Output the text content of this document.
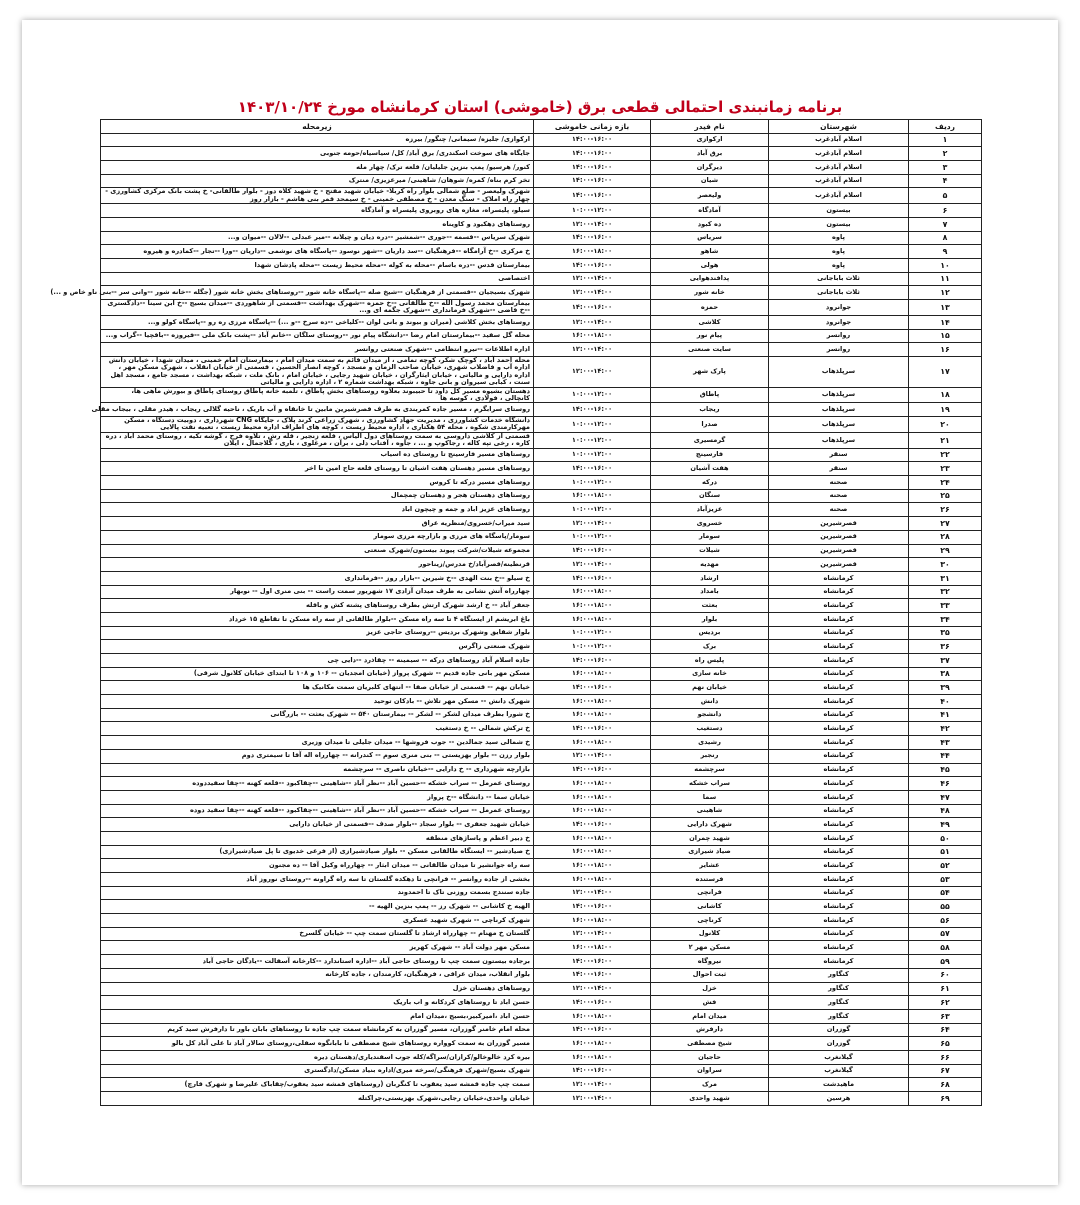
برنامه زمانبندی احتمالی قطعی برق (خاموشی) استان کرمانشاه مورخ ۱۴۰۳/۱۰/۲۴
ردیف	شهرستان	نام فیدر	بازه زمانی خاموشی	زیرمحله
۱	اسلام آبادغرب	ارکوازی	۱۴:۰۰-۱۶:۰۰	ارکوازی/ جلیزه/ سیمانی/ چنگور/ بیرزه
۲	اسلام آبادغرب	برق آباد	۱۴:۰۰-۱۶:۰۰	جایگاه های سوخت اسکندری/ برق آباد/ کل/ سیاسیاه/حومه جنوبی
۳	اسلام آبادغرب	دیرگران	۱۴:۰۰-۱۶:۰۰	کنور/ هرسیو/ پمپ بنزین جلیلیان/ قلعه ترک/ چهار مله
۴	اسلام آبادغرب	شیان	۱۴:۰۰-۱۶:۰۰	تخر کرم بناه/ کمره/ شوهان/ شاهینی/ میرعزیزی/ منترک
۵	اسلام آبادغرب	ولیعصر	۱۴:۰۰-۱۶:۰۰	شهرک ولیعصر - ضلع شمالی بلوار راه کربلا- خیابان شهید مفتح - خ شهید کلاه دوز - بلوار طالقانی- خ پشت بانک مرکزی کشاورزی - چهار راه املاک - سنگ معدن - خ مصطفی خمینی - خ سیمحد قمر بنی هاشم - بازار روز
۶	بیستون	آمادگاه	۱۰:۰۰-۱۲:۰۰	سیلو، پلیسراه، مغازه های روبروی پلیسراه و آمادگاه
۷	بیستون	ده کبود	۱۲:۰۰-۱۴:۰۰	روستاهای دهکبود و کاویناه
۸	پاوه	سریاس	۱۴:۰۰-۱۶:۰۰	شهرک سریاس --قسمه --جوری --شمشیر --دره دیان و چیلانه --میر عبدلی --لالان --میوان و...
۹	پاوه	شاهو	۱۶:۰۰-۱۸:۰۰	خ مرکزی --خ آرامگاه --فرهنگیان --سد داریان --شهر نوسود --پاسگاه های نوشمی --داریان --ورا --تجار --کمادره و هیروه
۱۰	پاوه	هولی	۱۴:۰۰-۱۶:۰۰	بیمارستان قدس --دره باسام --محله به کوله --محله محیط زیست --محله پادشان شهدا
۱۱	ثلاث باباجانی	پدافندهوایی	۱۲:۰۰-۱۴:۰۰	اختصاصی
۱۲	ثلاث باباجانی	خانه شور	۱۲:۰۰-۱۴:۰۰	شهرک بسیجیان --قسمتی از فرهنگیان --شیخ صله --پاسگاه خانه شور --روستاهای بخش خانه شور (جگله --خانه شور --وانی سر --بنی ناو خاص و ...)
۱۳	جوانرود	حمزه	۱۴:۰۰-۱۶:۰۰	بیمارستان محمد رسول الله --خ طالقانی --خ حمزه --شهرک بهداشت --قسمتی از شاهوردی --میدان بسیج --خ ابن سینا --دادگستری --خ قاضی --شهرک فرمانداری --شهرک جگمه ای و...
۱۴	جوانرود	کلاشی	۱۲:۰۰-۱۴:۰۰	روستاهای بخش کلاشی (میران و بیوند و بانی لوان --کلیاخی --ده سرخ --و ...) --پاسگاه مرزی ره رو --پاسگاه کولو و...
۱۵	روانسر	پیام نور	۱۶:۰۰-۱۸:۰۰	محله گل سفید --بیمارستان امام رضا --دانشگاه پیام نور --روستای سلگان --خانم آباد --پشت بانک ملی --فیروزه --باقچیا --گراب و...
۱۶	روانسر	سایت صنعتی	۱۲:۰۰-۱۴:۰۰	اداره اطلاعات --نیرو انتظامی --شهرک صنعتی روانسر
۱۷	سرپلذهاب	پارک شهر	۱۲:۰۰-۱۴:۰۰	محله احمد آباد ، کوچک شکر، کوچه تمامی ، از میدان قائم به سمت میدان امام ، بیمارستان امام خمینی ، میدان شهدا ، خیابان دانش اداره آب و فاضلاب شهری، خیابان صاحب الزمان و مسجد ، کوچه انصار الحسین ، قسمتی از خیابان انقلاب ، شهرک مسکن مهر ، اداره دارایی و مالیاتی ، خیابان ایثارگران ، خیابان شهید رجایی ، خیابان امام ، بانک ملت ، شبکه بهداشت ، مسجد جامع ، مسجد اهل سنت ، کبابی سیروان و بانی جاوه ، شبکه بهداشت شماره ۲ ، اداره دارایی و مالیاتی
۱۸	سرپلذهاب	پاطاق	۱۰:۰۰-۱۲:۰۰	دهستان بشیوه مسیر کل داود تا حبیبوند بعلاوه روستاهای بخش پاطاق ، تلمبه خانه پاطاق روستای پاطاق و بیورش ماهی ها، کانچالی ، فولادی ، کوسه ها
۱۹	سرپلذهاب	ریجاب	۱۴:۰۰-۱۶:۰۰	روستای سرابگرم ، مسیر جاده کمربندی به طرف قصرشیرین مابین تا خانقاه و آب باریک ، ناحیه گلالی ریجاب ، هیدر مقلی ، بیجاب مقلی
۲۰	سرپلذهاب	صدرا	۱۰:۰۰-۱۲:۰۰	دانشگاه خدمات کشاورزی ، مدیریت جهاد کشاورزی ، شهرک زراعی کرند پلاک ، جایگاه CNG شهرداری ، دوبیت دستگاه ، مسکن مهرکارمندی شکوه ، محله ۵۴ هکتاری ، اداره محیط زیست ، کوچه های اطراف اداره محیط زیست ، تعبیه نفت پالایی
۲۱	سرپلذهاب	گرمسیری	۱۰:۰۰-۱۲:۰۰	قسمتی از کلاشی داروسی به سمت روستاهای دول الیاس ، قلعه زنجیر ، قله رش ، تلاوه فرح ، گوشه تکیه ، روستای محمد اباد ، دره کاره ، رخی تپه کاله ، رجاکوپ و ... ، جاوه ، آفتاب دلی ، برآن ، مرغلوی ، باری ، گلاجمال ، ایلان
۲۲	سنقر	فارسینج	۱۰:۰۰-۱۲:۰۰	روستاهای مسیر فارسینج تا روستای ده اسیاب
۲۳	سنقر	هفت آشیان	۱۴:۰۰-۱۶:۰۰	روستاهای مسیر دهستان هفت اشیان تا روستای قلعه حاج امین تا اخر
۲۴	صحنه	درکه	۱۰:۰۰-۱۲:۰۰	روستاهای مسیر درکه تا کروس
۲۵	صحنه	سنگان	۱۶:۰۰-۱۸:۰۰	روستاهای دهستان هجر و دهستان چمچمال
۲۶	صحنه	عزیزآباد	۱۰:۰۰-۱۲:۰۰	روستاهای عزیز اباد و جمه و چیچون اباد
۲۷	قصرشیرین	خسروی	۱۲:۰۰-۱۴:۰۰	سید میراب/خسروی/منظریه عراق
۲۸	قصرشیرین	سومار	۱۰:۰۰-۱۲:۰۰	سومار/پاسگاه های مرزی و بازارچه مرزی سومار
۲۹	قصرشیرین	شیلات	۱۴:۰۰-۱۶:۰۰	مجموعه شیلات/شرکت پیوند بیستون/شهرک صنعتی
۳۰	قصرشیرین	مهدیه	۱۲:۰۰-۱۴:۰۰	قرنطینه/قصرآباد/خ مدرس/زیناحور
۳۱	کرمانشاه	ارشاد	۱۴:۰۰-۱۶:۰۰	خ سیلو --خ بنت الهدی --خ شیرین --بازار روز --فرمانداری
۳۲	کرمانشاه	بامداد	۱۶:۰۰-۱۸:۰۰	چهارراه آتش نشانی به طرف میدان آزادی ۱۷ شهریور سمت راست -- بنی منری اول -- نوبهار
۳۳	کرمانشاه	بعثت	۱۶:۰۰-۱۸:۰۰	جعفر آباد -- خ ارشد شهرک ارتش بطرف روستاهای پشته کش و باقله
۳۴	کرمانشاه	بلوار	۱۶:۰۰-۱۸:۰۰	باغ ابریشم از ایستگاه ۴ تا سه راه مسکن --بلوار طالقانی از سه راه مسکن تا تقاطع ۱۵ خرداد
۳۵	کرمانشاه	بردیس	۱۰:۰۰-۱۲:۰۰	بلوار شقایق وشهرک بردیس --روستای حاجی عزیز
۳۶	کرمانشاه	برک	۱۰:۰۰-۱۲:۰۰	شهرک صنعتی زاگرس
۳۷	کرمانشاه	پلیس راه	۱۴:۰۰-۱۶:۰۰	جاده اسلام آباد روستاهای درکه -- سیمینه -- چقاذرد --دایی چی
۳۸	کرمانشاه	خانه سازی	۱۶:۰۰-۱۸:۰۰	مسکن مهر بانی جاده قدیم -- شهرک پرواز (خیابان امجدیان -- ۱۰۶ و ۱۰۸ تا ابتدای خیابان کلانول شرقی)
۳۹	کرمانشاه	خیابان نهم	۱۴:۰۰-۱۶:۰۰	خیابان نهم -- قسمتی از خیابان صفا -- انتهای کلبریان سمت مکانیک ها
۴۰	کرمانشاه	دانش	۱۶:۰۰-۱۸:۰۰	شهرک دانش -- مسکن مهر تلاش -- بادکان توحید
۴۱	کرمانشاه	دانشجو	۱۶:۰۰-۱۸:۰۰	خ شورا بطرف میدان لشکر -- لشکر -- بیمارستان ۵۴۰ -- شهرک بعثت -- بازرگانی
۴۲	کرمانشاه	دستغیب	۱۴:۰۰-۱۶:۰۰	خ ترکش شمالی -- خ دستغیب
۴۳	کرمانشاه	رشیدی	۱۶:۰۰-۱۸:۰۰	خ شمالی سید جمالدین -- جوب فروشها -- میدان جلیلی تا میدان وزیری
۴۴	کرمانشاه	رنجبر	۱۲:۰۰-۱۴:۰۰	بلوار رزن -- بلوار بهزیستی -- بنی منری سوم -- کندرانه -- چهارراه اله آقا تا سیمتری دوم
۴۵	کرمانشاه	سرچشمه	۱۴:۰۰-۱۶:۰۰	بازارچه شهرداری -- خ دارایی --خیابان ناصری -- سرچشمه
۴۶	کرمانشاه	سراب خشکه	۱۶:۰۰-۱۸:۰۰	روستای عمرمل -- سراب خشکه --حسین آباد --نظر آباد --شاهینی --چقاکبود --قلعه کهنه --چقا سفیددوده
۴۷	کرمانشاه	سما	۱۶:۰۰-۱۸:۰۰	خیابان سما -- دانشگاه --خ پرواز
۴۸	کرمانشاه	شاهینی	۱۶:۰۰-۱۸:۰۰	روستای عمرمل -- سراب خشکه --حسین آباد --نظر آباد --شاهینی --چقاکبود --قلعه کهنه --چقا سفید دوده
۴۹	کرمانشاه	شهرک دارایی	۱۴:۰۰-۱۶:۰۰	خیابان شهید جعفری -- بلوار سجاد --بلوار صدف --قسمتی از خیابان دارایی
۵۰	کرمانشاه	شهید چمران	۱۶:۰۰-۱۸:۰۰	خ دبیر اعظم و پاساژهای منطقه
۵۱	کرمانشاه	صیاد شیرازی	۱۶:۰۰-۱۸:۰۰	خ صیادشیر -- ایستگاه طالقانی مسکن -- بلوار صیادشیرازی (از فرعی خدیوی تا پل صیادشیرازی)
۵۲	کرمانشاه	عشایر	۱۶:۰۰-۱۸:۰۰	سه راه جوانشیر تا میدان طالقانی -- میدان ابثار -- چهارراه وکیل آقا -- ده مجنون
۵۳	کرمانشاه	فرستنده	۱۶:۰۰-۱۸:۰۰	بخشی از جاده روانسر -- فرانچی تا دهکده گلستان تا سه راه گراونه --روستای نوروز آباد
۵۴	کرمانشاه	فرانچی	۱۲:۰۰-۱۴:۰۰	جاده سنندج بسمت روزنی تاک تا احمدوند
۵۵	کرمانشاه	کاشانی	۱۴:۰۰-۱۶:۰۰	الهیه خ کاشانی -- شهرک رز -- پمپ بنزین الهیه --
۵۶	کرمانشاه	کرناچی	۱۶:۰۰-۱۸:۰۰	شهرک کرناچی -- شهرک شهید عسکری
۵۷	کرمانشاه	کلانول	۱۲:۰۰-۱۴:۰۰	گلستان خ مهنام -- چهارراه ارشاد تا گلستان سمت چپ -- خیابان گلسرخ
۵۸	کرمانشاه	مسکن مهر ۲	۱۶:۰۰-۱۸:۰۰	مسکن مهر دولت آباد -- شهرک کهریز
۵۹	کرمانشاه	نیروگاه	۱۴:۰۰-۱۶:۰۰	برجاده بیستون سمت چپ تا روستای حاجی آباد --اداره استاندارد --کارخانه آسفالت --یادگان حاجی آباد
۶۰	کنگاور	ثبت احوال	۱۴:۰۰-۱۶:۰۰	بلوار انقلاب، میدان عراقی ، فرهنگیان، کارمندان ، جاده کارخانه
۶۱	کنگاور	خزل	۱۲:۰۰-۱۴:۰۰	روستاهای دهستان خزل
۶۲	کنگاور	فش	۱۴:۰۰-۱۶:۰۰	حسن اباد تا روستاهای کردکانه و اب باریک
۶۳	کنگاور	میدان امام	۱۶:۰۰-۱۸:۰۰	حسن اباد ،امیرکبیر،بسیج ،میدان امام
۶۴	گوزران	دارفرش	۱۴:۰۰-۱۶:۰۰	محله امام خامنر گوزران، مسیر گوزران به کرمانشاه سمت چپ جاده تا روستاهای بابان باور تا دارفرش سید کریم
۶۵	گوزران	شیخ مصطفی	۱۶:۰۰-۱۸:۰۰	مسیر گوزران به سمت کوواره روستاهای شیخ مصطفی تا بابانگوه سفلی،روستای سالار آباد تا علی آباد کل بالو
۶۶	گیلانغرب	حاجیان	۱۶:۰۰-۱۸:۰۰	بیره کرد خالوخالو/کرازان/سراگه/کله جوب اسفندیاری/دهستان دیره
۶۷	گیلانغرب	سراوان	۱۴:۰۰-۱۶:۰۰	شهرک بسیج/شهرک فرهنگی/سرخه میری/اداره بنیاد مسکن/دادگستری
۶۸	ماهیدشت	مرک	۱۲:۰۰-۱۴:۰۰	سمت چپ جاده قمشه سید یعقوب تا کنگربان (روستاهای قمشه سید یعقوب/چقاباک علیرضا و شهرک قارچ)
۶۹	هرسین	شهید واحدی	۱۲:۰۰-۱۴:۰۰	خیابان واحدی،خیابان رجایی،شهرک بهزیستی،چراکتله
